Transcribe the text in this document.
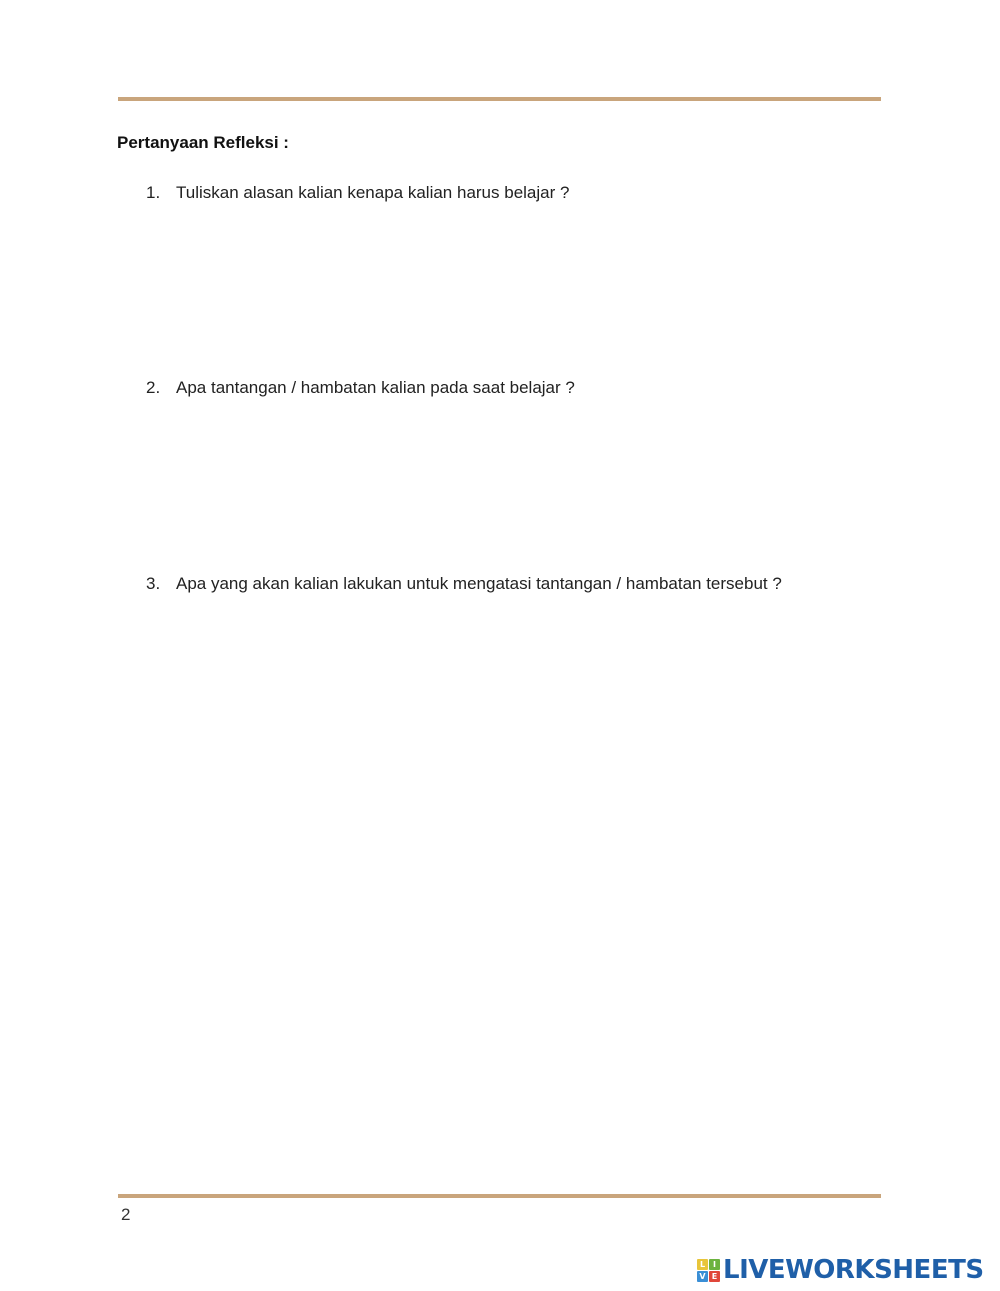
Pertanyaan Refleksi :
1. Tuliskan alasan kalian kenapa kalian harus belajar ?
2. Apa tantangan / hambatan kalian pada saat belajar ?
3. Apa yang akan kalian lakukan untuk mengatasi tantangan / hambatan tersebut ?
2
L I
V E LIVEWORKSHEETS
